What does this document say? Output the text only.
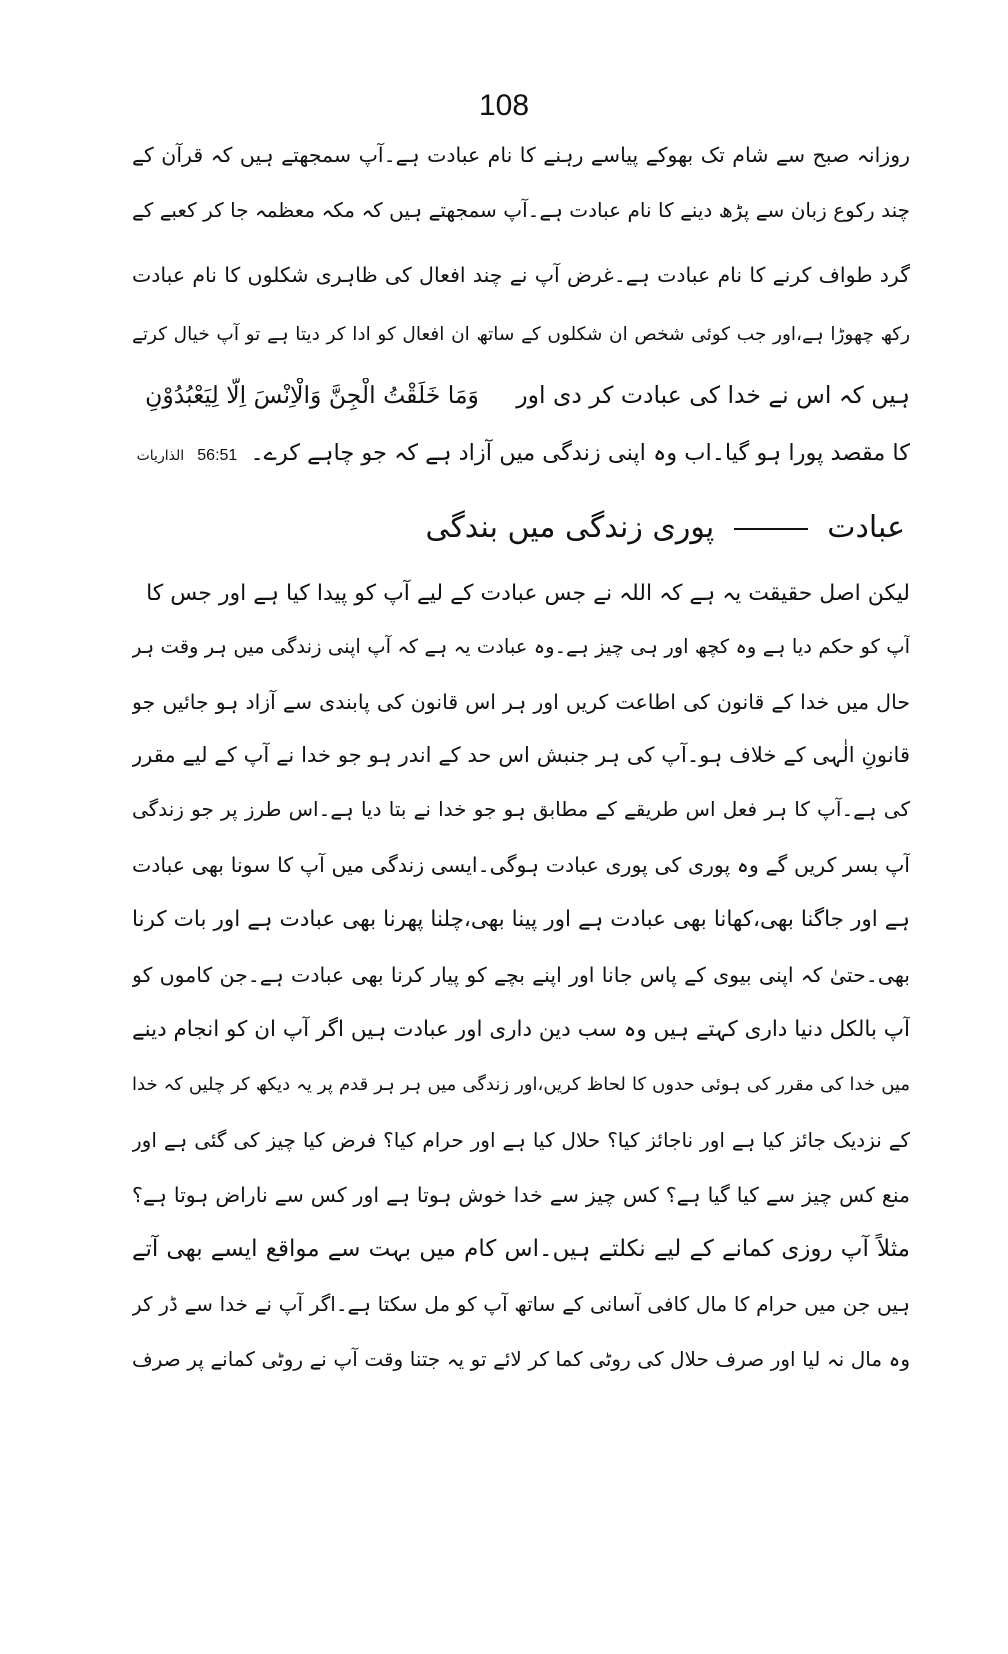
108
روزانہ صبح سے شام تک بھوکے پیاسے رہنے کا نام عبادت ہے۔آپ سمجھتے ہیں کہ قرآن کے
چند رکوع زبان سے پڑھ دینے کا نام عبادت ہے۔آپ سمجھتے ہیں کہ مکہ معظمہ جا کر کعبے کے
گرد طواف کرنے کا نام عبادت ہے۔غرض آپ نے چند افعال کی ظاہری شکلوں کا نام عبادت
رکھ چھوڑا ہے،اور جب کوئی شخص ان شکلوں کے ساتھ ان افعال کو ادا کر دیتا ہے تو آپ خیال کرتے
ہیں کہ اس نے خدا کی عبادت کر دی اور     وَمَا خَلَقْتُ الْجِنَّ وَالْاِنْسَ اِلَّا لِيَعْبُدُوْنِ
کا مقصد پورا ہو گیا۔اب وہ اپنی زندگی میں آزاد ہے کہ جو چاہے کرے۔ 56:51 الذاریات
عبادت  پوری زندگی میں بندگی
لیکن اصل حقیقت یہ ہے کہ اللہ نے جس عبادت کے لیے آپ کو پیدا کیا ہے اور جس کا
آپ کو حکم دیا ہے وہ کچھ اور ہی چیز ہے۔وہ عبادت یہ ہے کہ آپ اپنی زندگی میں ہر وقت ہر
حال میں خدا کے قانون کی اطاعت کریں اور ہر اس قانون کی پابندی سے آزاد ہو جائیں جو
قانونِ الٰہی کے خلاف ہو۔آپ کی ہر جنبش اس حد کے اندر ہو جو خدا نے آپ کے لیے مقرر
کی ہے۔آپ کا ہر فعل اس طریقے کے مطابق ہو جو خدا نے بتا دیا ہے۔اس طرز پر جو زندگی
آپ بسر کریں گے وہ پوری کی پوری عبادت ہوگی۔ایسی زندگی میں آپ کا سونا بھی عبادت
ہے اور جاگنا بھی،کھانا بھی عبادت ہے اور پینا بھی،چلنا پھرنا بھی عبادت ہے اور بات کرنا
بھی۔حتیٰ کہ اپنی بیوی کے پاس جانا اور اپنے بچے کو پیار کرنا بھی عبادت ہے۔جن کاموں کو
آپ بالکل دنیا داری کہتے ہیں وہ سب دین داری اور عبادت ہیں اگر آپ ان کو انجام دینے
میں خدا کی مقرر کی ہوئی حدوں کا لحاظ کریں،اور زندگی میں ہر ہر قدم پر یہ دیکھ کر چلیں کہ خدا
کے نزدیک جائز کیا ہے اور ناجائز کیا؟ حلال کیا ہے اور حرام کیا؟ فرض کیا چیز کی گئی ہے اور
منع کس چیز سے کیا گیا ہے؟ کس چیز سے خدا خوش ہوتا ہے اور کس سے ناراض ہوتا ہے؟
مثلاً آپ روزی کمانے کے لیے نکلتے ہیں۔اس کام میں بہت سے مواقع ایسے بھی آتے
ہیں جن میں حرام کا مال کافی آسانی کے ساتھ آپ کو مل سکتا ہے۔اگر آپ نے خدا سے ڈر کر
وہ مال نہ لیا اور صرف حلال کی روٹی کما کر لائے تو یہ جتنا وقت آپ نے روٹی کمانے پر صرف
